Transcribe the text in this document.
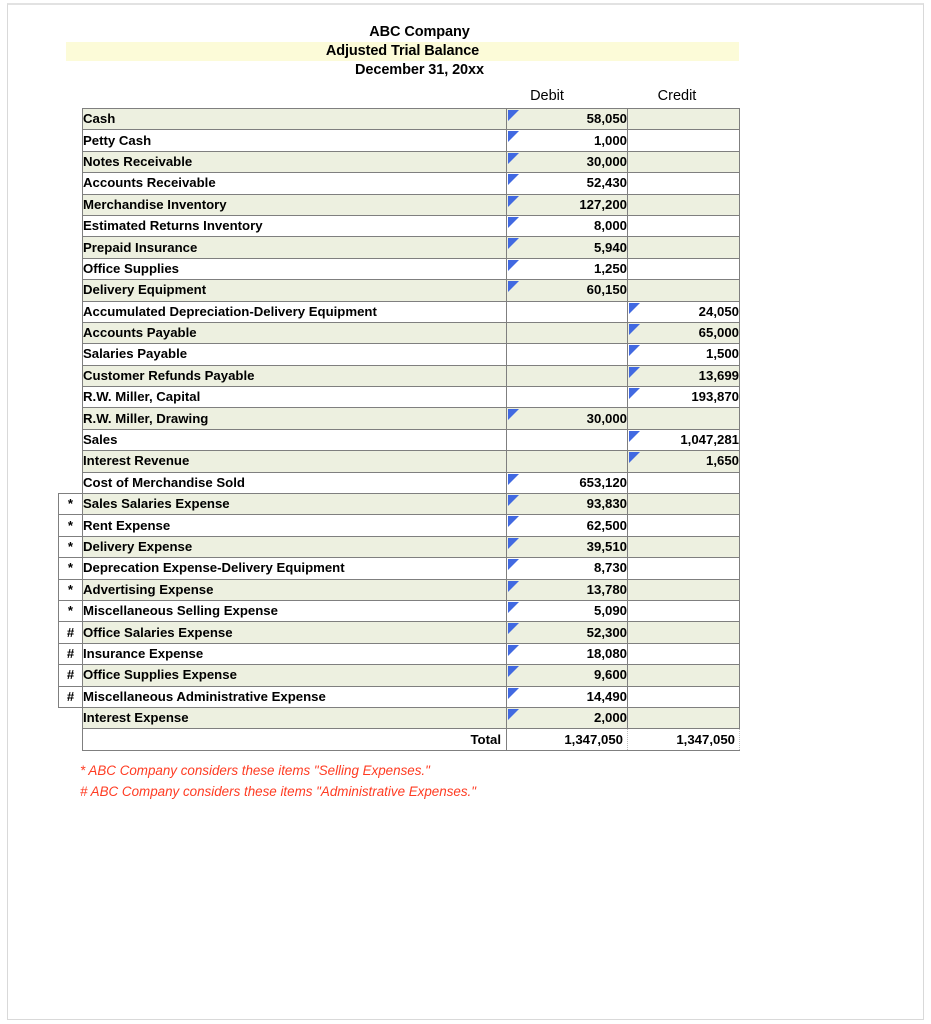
ABC Company
Adjusted Trial Balance
December 31, 20xx
Debit	Credit
	Cash	58,050	
	Petty Cash	1,000	
	Notes Receivable	30,000	
	Accounts Receivable	52,430	
	Merchandise Inventory	127,200	
	Estimated Returns Inventory	8,000	
	Prepaid Insurance	5,940	
	Office Supplies	1,250	
	Delivery Equipment	60,150	
	Accumulated Depreciation-Delivery Equipment		24,050
	Accounts Payable		65,000
	Salaries Payable		1,500
	Customer Refunds Payable		13,699
	R.W. Miller, Capital		193,870
	R.W. Miller, Drawing	30,000	
	Sales		1,047,281
	Interest Revenue		1,650
	Cost of Merchandise Sold	653,120	
*	Sales Salaries Expense	93,830	
*	Rent Expense	62,500	
*	Delivery Expense	39,510	
*	Deprecation Expense-Delivery Equipment	8,730	
*	Advertising Expense	13,780	
*	Miscellaneous Selling Expense	5,090	
#	Office Salaries Expense	52,300	
#	Insurance Expense	18,080	
#	Office Supplies Expense	9,600	
#	Miscellaneous Administrative Expense	14,490	
	Interest Expense	2,000	
	Total	1,347,050	1,347,050
* ABC Company considers these items "Selling Expenses."
# ABC Company considers these items "Administrative Expenses."
